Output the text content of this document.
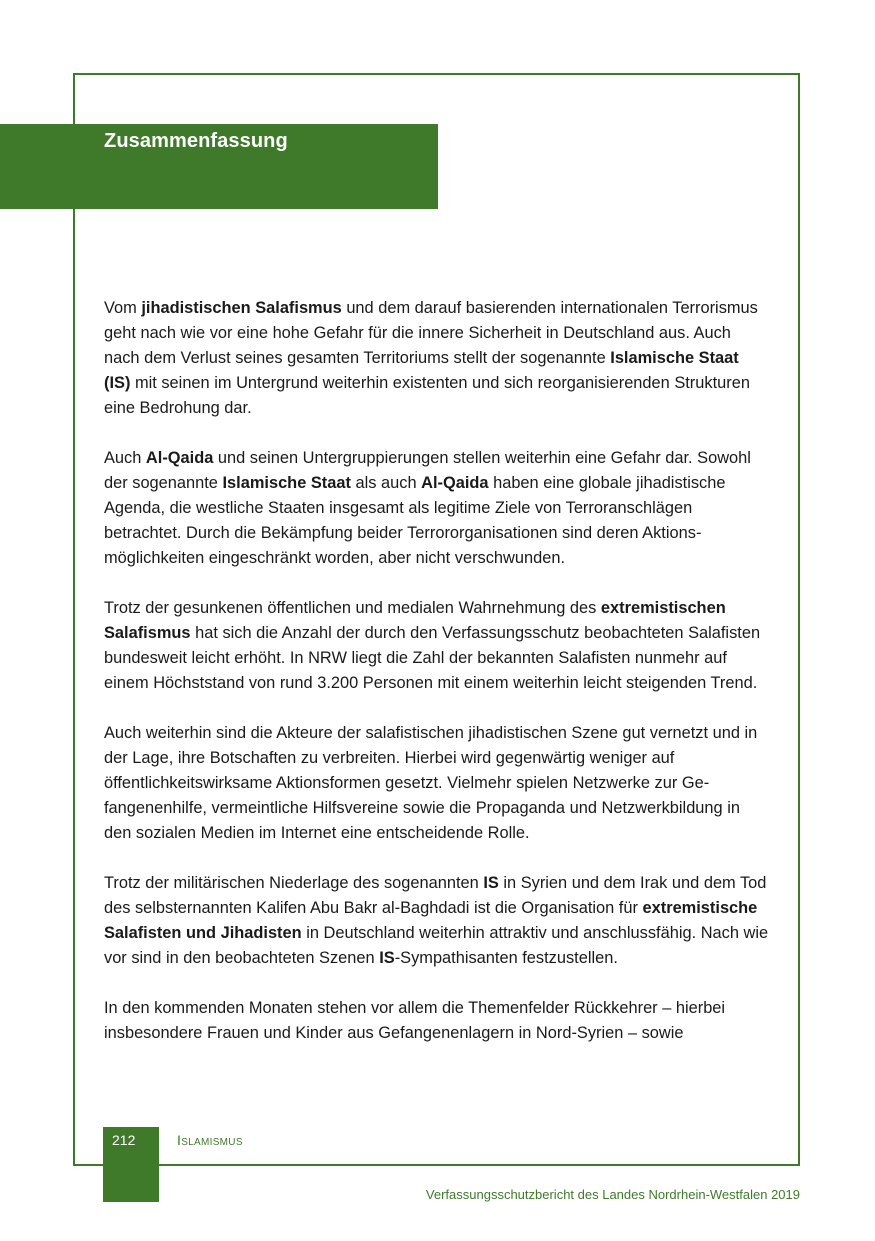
Zusammenfassung

Vom jihadistischen Salafismus und dem darauf basierenden internationalen Terrorismus geht nach wie vor eine hohe Gefahr für die innere Sicherheit in Deutschland aus. Auch nach dem Verlust seines gesamten Territoriums stellt der sogenannte Islamische Staat (IS) mit seinen im Untergrund weiterhin existenten und sich reorganisierenden Strukturen eine Bedrohung dar.

Auch Al-Qaida und seinen Untergruppierungen stellen weiterhin eine Gefahr dar. Sowohl der sogenannte Islamische Staat als auch Al-Qaida haben eine globale jihadistische Agenda, die westliche Staaten insgesamt als legitime Ziele von Terroranschlägen betrachtet. Durch die Bekämpfung beider Terrororganisationen sind deren Aktionsmöglichkeiten eingeschränkt worden, aber nicht verschwunden.

Trotz der gesunkenen öffentlichen und medialen Wahrnehmung des extremistischen Salafismus hat sich die Anzahl der durch den Verfassungsschutz beobachteten Salafisten bundesweit leicht erhöht. In NRW liegt die Zahl der bekannten Salafisten nunmehr auf einem Höchststand von rund 3.200 Personen mit einem weiterhin leicht steigenden Trend.

Auch weiterhin sind die Akteure der salafistischen jihadistischen Szene gut vernetzt und in der Lage, ihre Botschaften zu verbreiten. Hierbei wird gegenwärtig weniger auf öffentlichkeitswirksame Aktionsformen gesetzt. Vielmehr spielen Netzwerke zur Gefangenenhilfe, vermeintliche Hilfsvereine sowie die Propaganda und Netzwerkbildung in den sozialen Medien im Internet eine entscheidende Rolle.

Trotz der militärischen Niederlage des sogenannten IS in Syrien und dem Irak und dem Tod des selbsternannten Kalifen Abu Bakr al-Baghdadi ist die Organisation für extremistische Salafisten und Jihadisten in Deutschland weiterhin attraktiv und anschlussfähig. Nach wie vor sind in den beobachteten Szenen IS-Sympathisanten festzustellen.

In den kommenden Monaten stehen vor allem die Themenfelder Rückkehrer – hierbei insbesondere Frauen und Kinder aus Gefangenenlagern in Nord-Syrien – sowie

212	Islamismus
Verfassungsschutzbericht des Landes Nordrhein-Westfalen 2019
